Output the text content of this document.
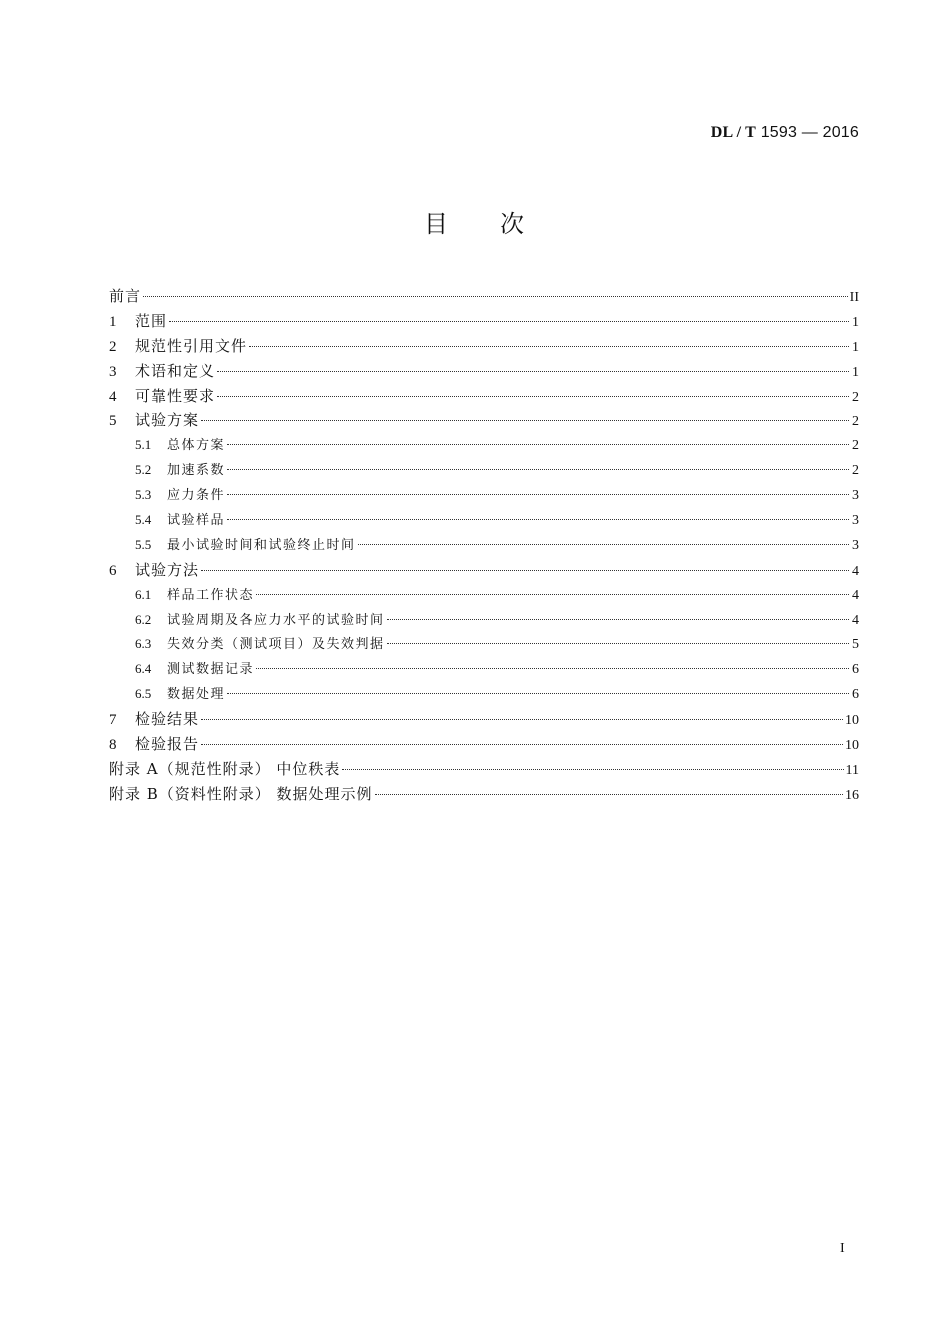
DL / T 1593 — 2016
目 次
前言	II
1	范围	1
2	规范性引用文件	1
3	术语和定义	1
4	可靠性要求	2
5	试验方案	2
5.1	总体方案	2
5.2	加速系数	2
5.3	应力条件	3
5.4	试验样品	3
5.5	最小试验时间和试验终止时间	3
6	试验方法	4
6.1	样品工作状态	4
6.2	试验周期及各应力水平的试验时间	4
6.3	失效分类（测试项目）及失效判据	5
6.4	测试数据记录	6
6.5	数据处理	6
7	检验结果	10
8	检验报告	10
附录 A（规范性附录） 中位秩表	11
附录 B（资料性附录） 数据处理示例	16
I
